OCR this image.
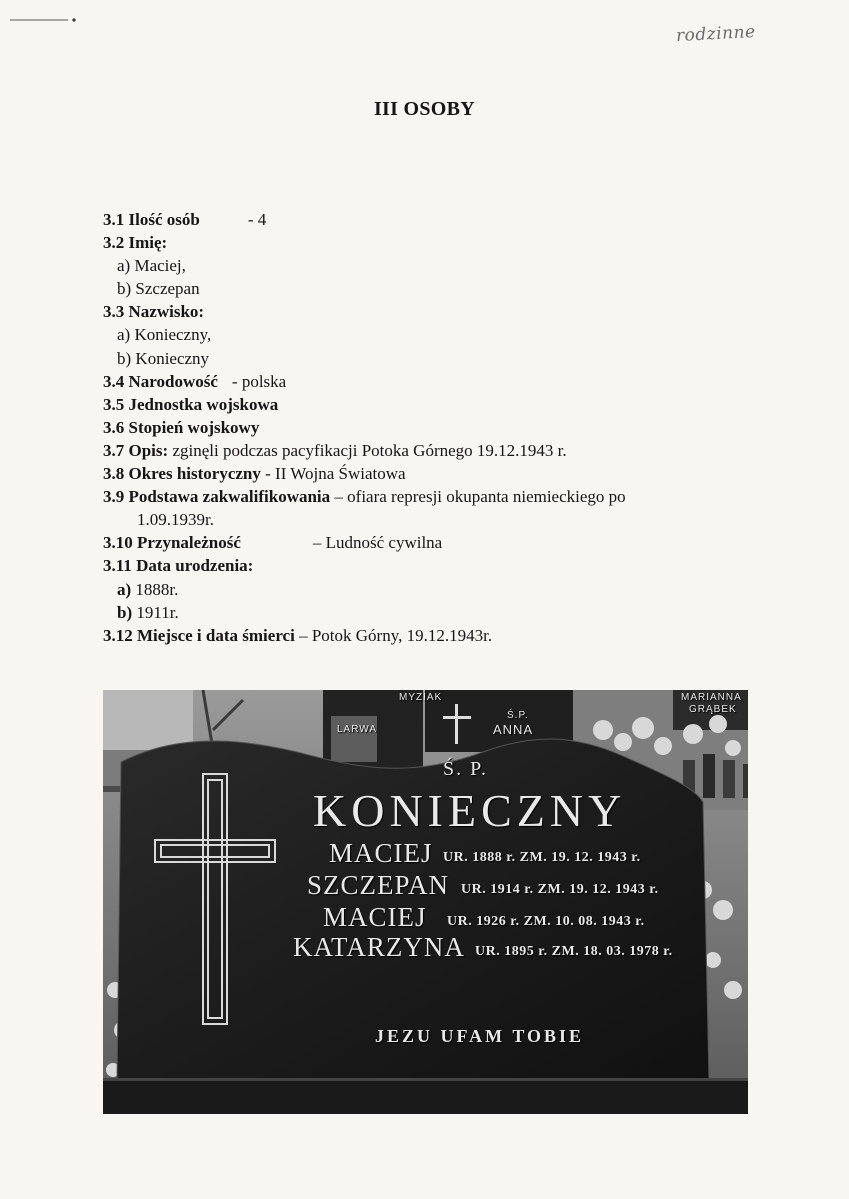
rodzinne
III OSOBY
3.1 Ilość osób	- 4
3.2 Imię:
a) Maciej,
b) Szczepan
3.3 Nazwisko:
a) Konieczny,
b) Konieczny
3.4 Narodowość - polska
3.5 Jednostka wojskowa
3.6 Stopień wojskowy
3.7 Opis: zginęli podczas pacyfikacji Potoka Górnego 19.12.1943 r.
3.8 Okres historyczny - II Wojna Światowa
3.9 Podstawa zakwalifikowania – ofiara represji okupanta niemieckiego po
1.09.1939r.
3.10 Przynależność	– Ludność cywilna
3.11 Data urodzenia:
a) 1888r.
b) 1911r.
3.12 Miejsce i data śmierci – Potok Górny, 19.12.1943r.
MYZIAK
LARWA
Ś.P.
ANNA
MARIANNA
GRĄBEK
Ś. P.
KONIECZNY
MACIEJ UR. 1888 r. ZM. 19. 12. 1943 r.
SZCZEPAN UR. 1914 r. ZM. 19. 12. 1943 r.
MACIEJ UR. 1926 r. ZM. 10. 08. 1943 r.
KATARZYNA UR. 1895 r. ZM. 18. 03. 1978 r.
JEZU UFAM TOBIE
